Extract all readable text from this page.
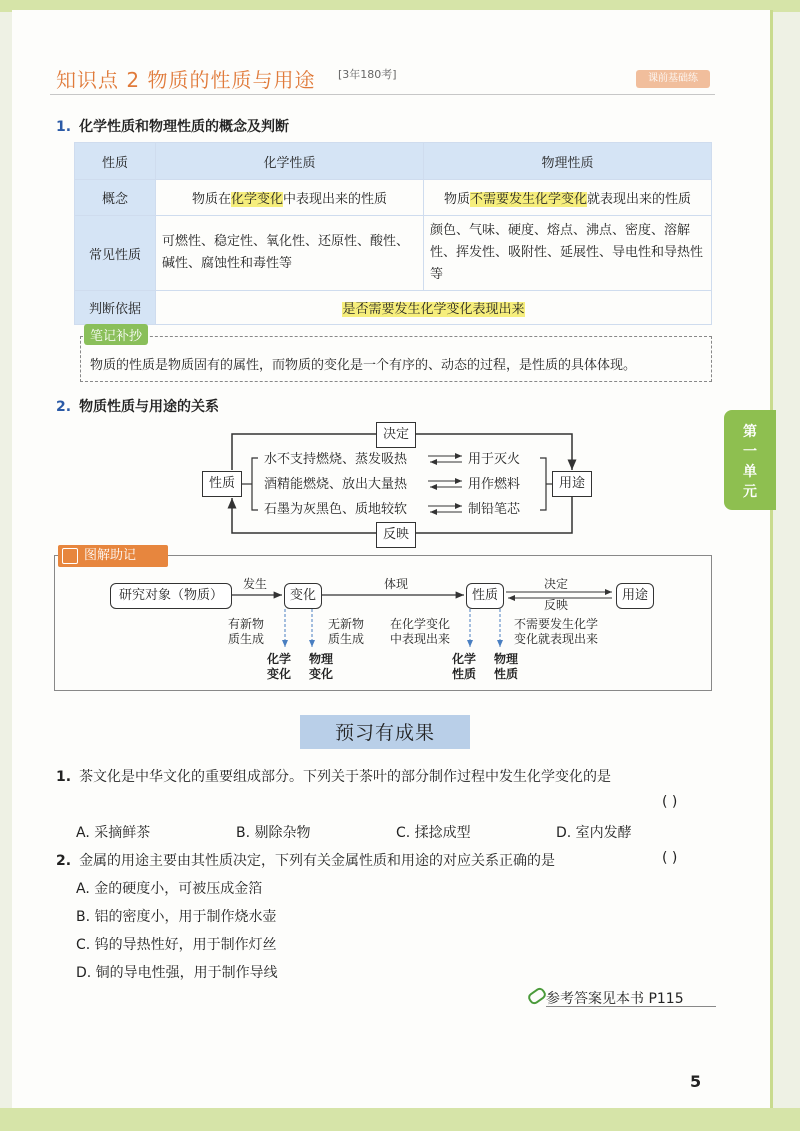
知识点 2 物质的性质与用途 [3年180考]	课前基础练
1. 化学性质和物理性质的概念及判断
性质	化学性质	物理性质
概念	物质在化学变化中表现出来的性质	物质不需要发生化学变化就表现出来的性质
常见性质	可燃性、稳定性、氧化性、还原性、酸性、碱性、腐蚀性和毒性等	颜色、气味、硬度、熔点、沸点、密度、溶解性、挥发性、吸附性、延展性、导电性和导热性等
判断依据	是否需要发生化学变化表现出来	
笔记补抄
物质的性质是物质固有的属性，而物质的变化是一个有序的、动态的过程，是性质的具体体现。
第
一
单
元
2. 物质性质与用途的关系
决定
反映
性质	用途
水不支持燃烧、蒸发吸热	用于灭火
酒精能燃烧、放出大量热	用作燃料
石墨为灰黑色、质地较软	制铅笔芯
图解助记
研究对象（物质）
发生
变化
体现
性质
决定
反映
用途
有新物
质生成
无新物
质生成
在化学变化
中表现出来
不需要发生化学
变化就表现出来
化学
变化
物理
变化
化学
性质
物理
性质
预习有成果
1. 茶文化是中华文化的重要组成部分。下列关于茶叶的部分制作过程中发生化学变化的是
( )
A. 采摘鲜茶	B. 剔除杂物	C. 揉捻成型	D. 室内发酵
2. 金属的用途主要由其性质决定，下列有关金属性质和用途的对应关系正确的是	( )
A. 金的硬度小，可被压成金箔
B. 铝的密度小，用于制作烧水壶
C. 钨的导热性好，用于制作灯丝
D. 铜的导电性强，用于制作导线
参考答案见本书 P115
5
